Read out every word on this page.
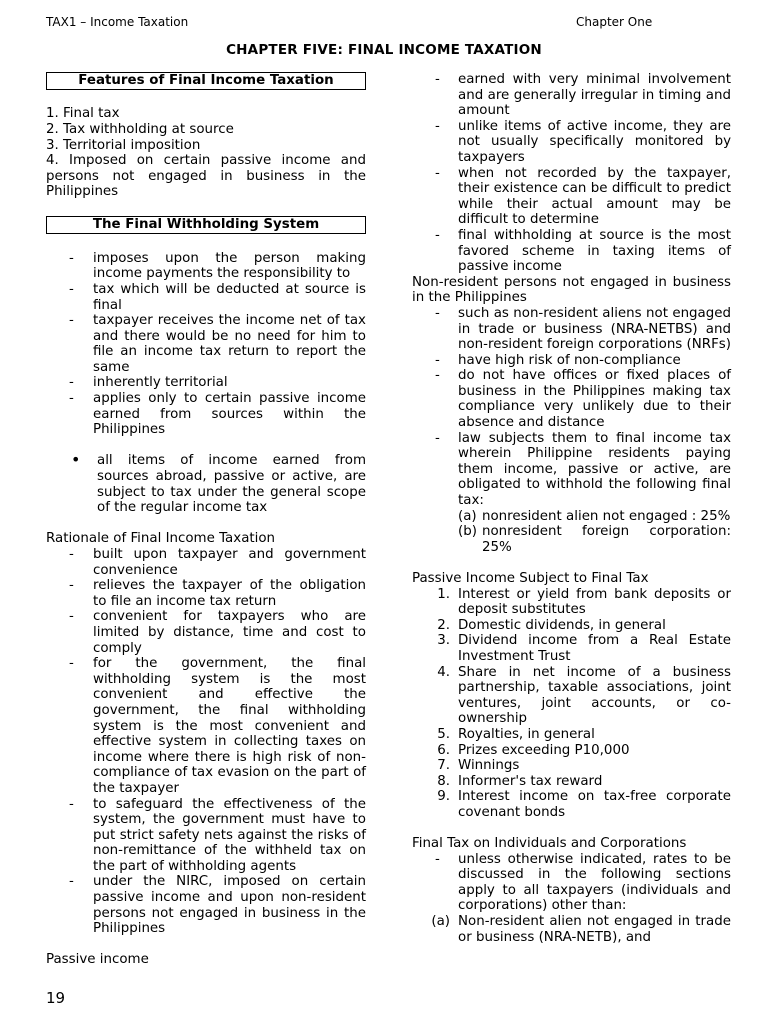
TAX1 – Income Taxation	Chapter One
CHAPTER FIVE: FINAL INCOME TAXATION
Features of Final Income Taxation
1. Final tax
2. Tax withholding at source
3. Territorial imposition
4. Imposed on certain passive income and persons not engaged in business in the Philippines
The Final Withholding System
- imposes upon the person making income payments the responsibility to
- tax which will be deducted at source is final
- taxpayer receives the income net of tax and there would be no need for him to file an income tax return to report the same
- inherently territorial
- applies only to certain passive income earned from sources within the Philippines
• all items of income earned from sources abroad, passive or active, are subject to tax under the general scope of the regular income tax
Rationale of Final Income Taxation
- built upon taxpayer and government convenience
- relieves the taxpayer of the obligation to file an income tax return
- convenient for taxpayers who are limited by distance, time and cost to comply
- for the government, the final withholding system is the most convenient and effective the government, the final withholding system is the most convenient and effective system in collecting taxes on income where there is high risk of non-compliance of tax evasion on the part of the taxpayer
- to safeguard the effectiveness of the system, the government must have to put strict safety nets against the risks of non-remittance of the withheld tax on the part of withholding agents
- under the NIRC, imposed on certain passive income and upon non-resident persons not engaged in business in the Philippines
Passive income
- earned with very minimal involvement and are generally irregular in timing and amount
- unlike items of active income, they are not usually specifically monitored by taxpayers
- when not recorded by the taxpayer, their existence can be difficult to predict while their actual amount may be difficult to determine
- final withholding at source is the most favored scheme in taxing items of passive income
Non-resident persons not engaged in business in the Philippines
- such as non-resident aliens not engaged in trade or business (NRA-NETBS) and non-resident foreign corporations (NRFs)
- have high risk of non-compliance
- do not have offices or fixed places of business in the Philippines making tax compliance very unlikely due to their absence and distance
- law subjects them to final income tax wherein Philippine residents paying them income, passive or active, are obligated to withhold the following final tax:
(a) nonresident alien not engaged : 25%
(b) nonresident foreign corporation: 25%
Passive Income Subject to Final Tax
1. Interest or yield from bank deposits or deposit substitutes
2. Domestic dividends, in general
3. Dividend income from a Real Estate Investment Trust
4. Share in net income of a business partnership, taxable associations, joint ventures, joint accounts, or co-ownership
5. Royalties, in general
6. Prizes exceeding P10,000
7. Winnings
8. Informer's tax reward
9. Interest income on tax-free corporate covenant bonds
Final Tax on Individuals and Corporations
- unless otherwise indicated, rates to be discussed in the following sections apply to all taxpayers (individuals and corporations) other than:
(a) Non-resident alien not engaged in trade or business (NRA-NETB), and
19
